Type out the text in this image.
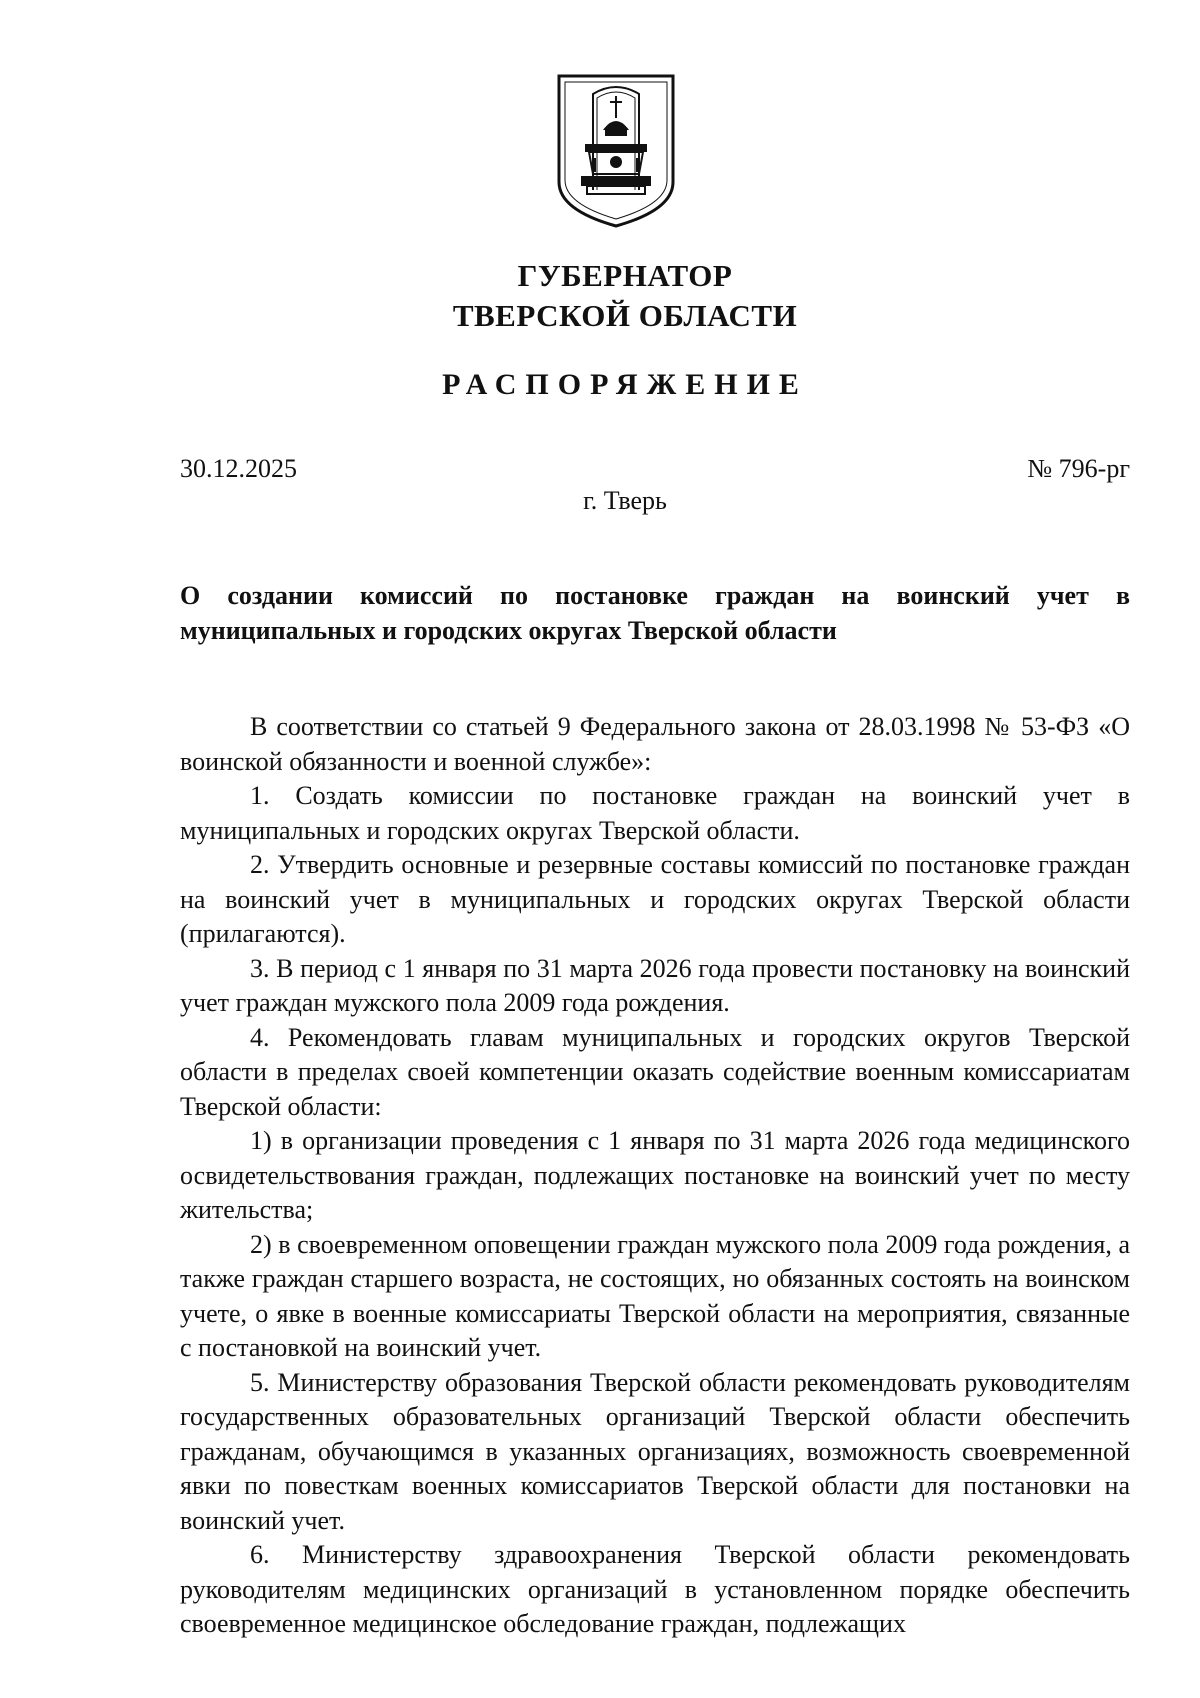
ГУБЕРНАТОР
ТВЕРСКОЙ ОБЛАСТИ
РАСПОРЯЖЕНИЕ
30.12.2025	№ 796-рг
г. Тверь
О создании комиссий по постановке граждан на воинский учет в муниципальных и городских округах Тверской области

В соответствии со статьей 9 Федерального закона от 28.03.1998 № 53-ФЗ «О воинской обязанности и военной службе»:

1. Создать комиссии по постановке граждан на воинский учет в муниципальных и городских округах Тверской области.

2. Утвердить основные и резервные составы комиссий по постановке граждан на воинский учет в муниципальных и городских округах Тверской области (прилагаются).

3. В период с 1 января по 31 марта 2026 года провести постановку на воинский учет граждан мужского пола 2009 года рождения.

4. Рекомендовать главам муниципальных и городских округов Тверской области в пределах своей компетенции оказать содействие военным комиссариатам Тверской области:

1) в организации проведения с 1 января по 31 марта 2026 года медицинского освидетельствования граждан, подлежащих постановке на воинский учет по месту жительства;

2) в своевременном оповещении граждан мужского пола 2009 года рождения, а также граждан старшего возраста, не состоящих, но обязанных состоять на воинском учете, о явке в военные комиссариаты Тверской области на мероприятия, связанные с постановкой на воинский учет.

5. Министерству образования Тверской области рекомендовать руководителям государственных образовательных организаций Тверской области обеспечить гражданам, обучающимся в указанных организациях, возможность своевременной явки по повесткам военных комиссариатов Тверской области для постановки на воинский учет.

6. Министерству здравоохранения Тверской области рекомендовать руководителям медицинских организаций в установленном порядке обеспечить своевременное медицинское обследование граждан, подлежащих
